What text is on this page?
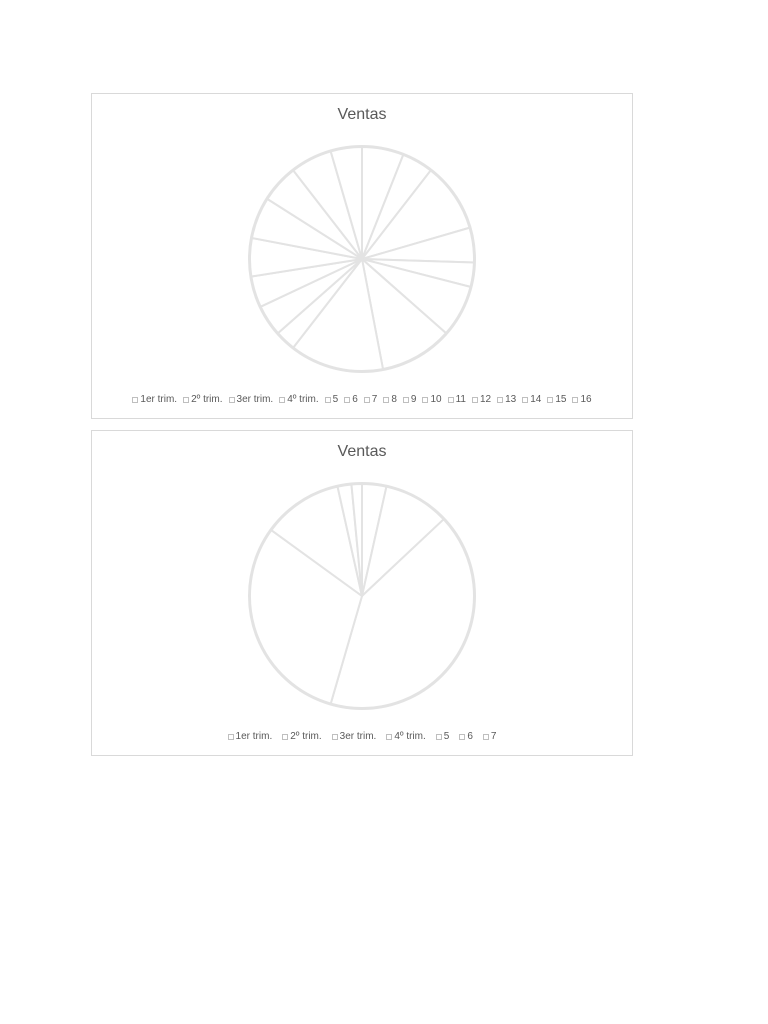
Ventas
1er trim. 2º trim. 3er trim. 4º trim. 5 6 7 8 9 10 11 12 13 14 15 16
Ventas
1er trim. 2º trim. 3er trim. 4º trim. 5 6 7
